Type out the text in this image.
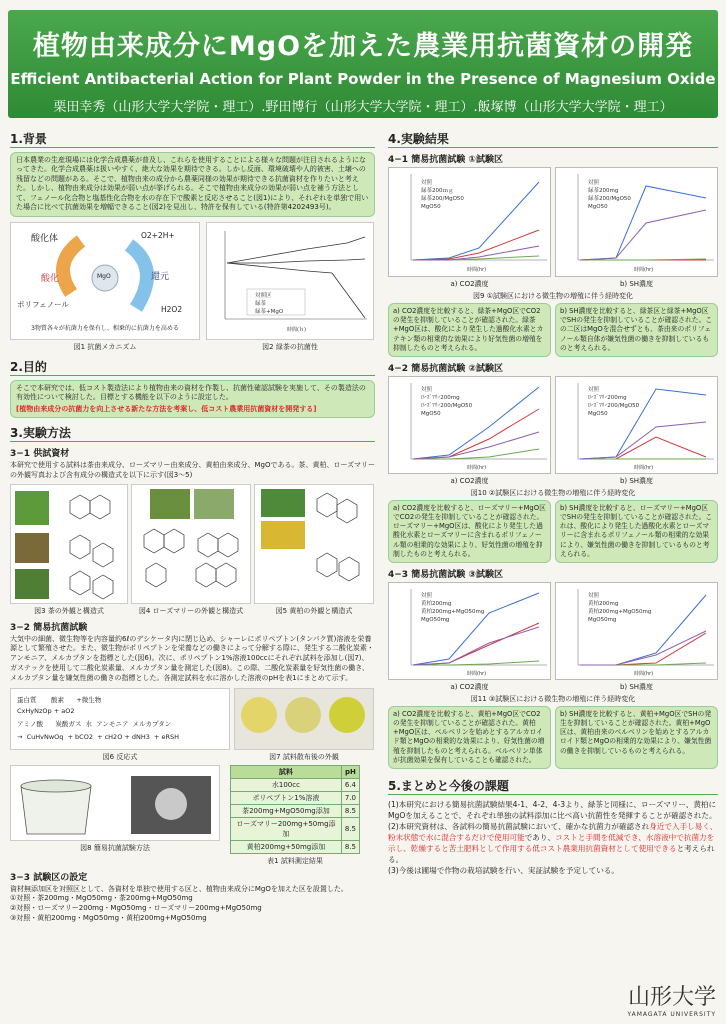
植物由来成分にMgOを加えた農業用抗菌資材の開発
Efficient Antibacterial Action for Plant Powder in the Presence of Magnesium Oxide
栗田幸秀（山形大学大学院・理工）.野田博行（山形大学大学院・理工）.飯塚博（山形大学大学院・理工）
1.背景
日本農業の生産現場には化学合成農薬が普及し、これらを使用することによる様々な問題が注目されるようになってきた。化学合成農薬は扱いやすく、絶大な効果を期待できる。しかし反面、環境破壊や人的被害、土壌への残留などの問題がある。そこで、植物由来の成分から農薬同様の効果が期待できる抗菌資材を作りたいと考えた。しかし、植物由来成分は効果が弱い点が挙げられる。そこで植物由来成分の効果が弱い点を補う方法として、フェノール化合物と塩基性化合物を水の存在下で酸素と反応させること(図1)により、それぞれを単独で用いた場合に比べて抗菌効果を増幅できること(図2)を見出し、特許を保有している(特許第4202493号)。
酸化体
酸化	還元
MgO
O2+2H+
H2O2
ポリフェノール
3物質各々が抗菌力を保有し、相乗的に抗菌力を高める
図1 抗菌メカニズム
対照区
緑茶
緑茶+MgO
時間(ｈ)
図2 緑茶の抗菌性
2.目的
そこで本研究では、低コスト製造法により植物由来の資材を作製し、抗菌性確認試験を実施して、その製造法の有効性について検討した。目標とする機能を以下のように設定した。
[植物由来成分の抗菌力を向上させる新たな方法を考案し、低コスト農業用抗菌資材を開発する]
3.実験方法
3−1 供試資材
本研究で使用する試料は茶由来成分、ローズマリー由来成分、黄柏由来成分、MgOである。茶、黄柏、ローズマリーの外観写真および含有成分の構造式を以下に示す(図3〜5)
図3 茶の外観と構造式	図4 ローズマリーの外観と構造式	図5 黄柏の外観と構造式
3−2 簡易抗菌試験
大気中の細菌、微生物等を内容量約6ℓのデシケータ内に閉じ込め、シャーレにポリペプトン(タンパク質)溶液を栄養源として繁殖させた。また、微生物がポリペプトンを栄養などの働きによって分解する際に、発生する二酸化炭素・アンモニア、メルカプタンを指標とした(図6)。次に、ポリペプトン1%溶液100ccにそれぞれ試料を添加し(図7)、ガステックを使用して二酸化炭素量、メルカプタン量を測定した(図8)。この際、二酸化炭素量を好気性菌の働き、メルカプタン量を嫌気性菌の働きの指標とした。各測定試料を水に溶かした溶液のpHを表1にまとめて示す。
蛋白質       酸素      +微生物
CxHyNzOp + aO2
アミノ酸      炭酸ガス  水  アンモニア  メルカプタン
→  CuHvNwOq  + bCO2  + cH2O + dNH3  + eRSH
図6 反応式	図7 試料散布後の外観
図8 簡易抗菌試験方法
試料	pH
水100cc	6.4
ポリペプトン1%溶液	7.0
茶200mg+MgO50mg添加	8.5
ローズマリー200mg+50mg添加	8.5
黄柏200mg+50mg添加	8.5
表1 試料測定結果
3−3 試験区の設定
資材無添加区を対照区として、各資材を単独で使用する区と、植物由来成分にMgOを加えた区を設置した。
①対照・茶200mg・MgO50mg・茶200mg+MgO50mg
②対照・ローズマリー200mg・MgO50mg・ローズマリー200mg+MgO50mg
③対照・黄柏200mg・MgO50mg・黄柏200mg+MgO50mg
4.実験結果
4−1 簡易抗菌試験 ①試験区
対照
緑茶200ｍｇ
緑茶200/MgO50
MgO50
時間(hr)
a) CO2濃度
対照
緑茶200mg
緑茶200/MgO50
MgO50
時間(hr)
b) SH濃度
図9 ①試験区における微生物の増殖に伴う経時変化
a) CO2濃度を比較すると、緑茶+MgO区でCO2の発生を抑制していることが確認された。緑茶+MgO区は、酸化により発生した過酸化水素とカテキン類の相乗的な効果により好気性菌の増殖を抑制したものと考えられる。
b) SH濃度を比較すると、緑茶区と緑茶+MgO区でSHの発生を抑制していることが確認された。この二区はMgOを混合せずとも、茶由来のポリフェノール類自体が嫌気性菌の働きを抑制しているものと考えられる。
4−2 簡易抗菌試験 ②試験区
対照
ﾛｰｽﾞﾏﾘｰ200mg
ﾛｰｽﾞﾏﾘｰ200/MgO50
MgO50
時間(hr)
a) CO2濃度
対照
ﾛｰｽﾞﾏﾘｰ200mg
ﾛｰｽﾞﾏﾘｰ200/MgO50
MgO50
時間(hr)
b) SH濃度
図10 ②試験区における微生物の増殖に伴う経時変化
a) CO2濃度を比較すると、ローズマリー+MgO区でCO2の発生を抑制していることが確認された。ローズマリー+MgO区は、酸化により発生した過酸化水素とローズマリーに含まれるポリフェノール類の相乗的な効果により、好気性菌の増殖を抑制したものと考えられる。
b) SH濃度を比較すると、ローズマリー+MgO区でSHの発生を抑制していることが確認された。これは、酸化により発生した過酸化水素とローズマリーに含まれるポリフェノール類の相乗的な効果により、嫌気性菌の働きを抑制しているものと考えられる。
4−3 簡易抗菌試験 ③試験区
対照
黄柏200mg
黄柏200mg+MgO50mg
MgO50mg
時間(hr)
a) CO2濃度
対照
黄柏200mg
黄柏200mg+MgO50mg
MgO50mg
時間(hr)
b) SH濃度
図11 ③試験区における微生物の増殖に伴う経時変化
a) CO2濃度を比較すると、黄柏+MgO区でCO2の発生を抑制していることが確認された。黄柏+MgO区は、ベルベリンを始めとするアルカロイド類とMgOの相乗的な効果により、好気性菌の増殖を抑制したものと考えられる。ベルベリン単体が抗菌効果を保有していることも確認された。
b) SH濃度を比較すると、黄柏+MgO区でSHの発生を抑制していることが確認された。黄柏+MgO区は、黄柏由来のベルベリンを始めとするアルカロイド類とMgOの相乗的な効果により、嫌気性菌の働きを抑制しているものと考えられる。
5.まとめと今後の課題
(1)本研究における簡易抗菌試験結果4-1、4-2、4-3より、緑茶と同様に、ローズマリー、黄柏にMgOを加えることで、それぞれ単独の試料添加に比べ高い抗菌性を発揮することが確認された。
(2)本研究資材は、各試料の簡易抗菌試験において、確かな抗菌力が確認され身近で入手し易く、粉末状態で水に混合するだけで使用可能であり、コストと手間を低減でき、水溶液中で抗菌力を示し、乾燥すると苦土肥料として作用する低コスト農業用抗菌資材として使用できると考えられる。
(3)今後は圃場で作物の栽培試験を行い、実証試験を予定している。
山形大学
YAMAGATA UNIVERSITY
